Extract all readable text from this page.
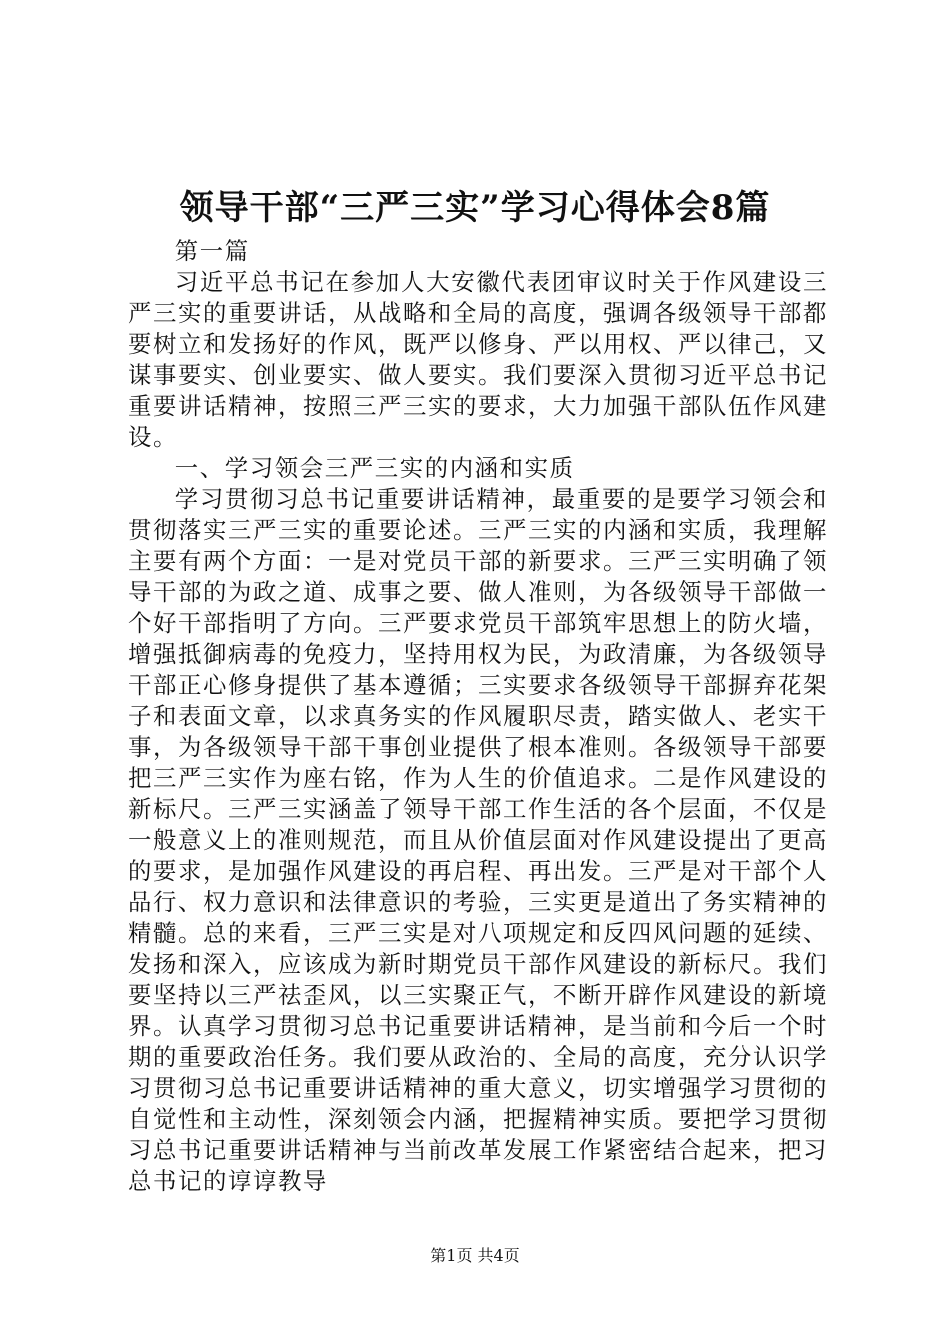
领导干部“三严三实”学习心得体会8篇

第一篇

习近平总书记在参加人大安徽代表团审议时关于作风建设三严三实的重要讲话，从战略和全局的高度，强调各级领导干部都要树立和发扬好的作风，既严以修身、严以用权、严以律己，又谋事要实、创业要实、做人要实。我们要深入贯彻习近平总书记重要讲话精神，按照三严三实的要求，大力加强干部队伍作风建设。

一、学习领会三严三实的内涵和实质

学习贯彻习总书记重要讲话精神，最重要的是要学习领会和贯彻落实三严三实的重要论述。三严三实的内涵和实质，我理解主要有两个方面：一是对党员干部的新要求。三严三实明确了领导干部的为政之道、成事之要、做人准则，为各级领导干部做一个好干部指明了方向。三严要求党员干部筑牢思想上的防火墙，增强抵御病毒的免疫力，坚持用权为民，为政清廉，为各级领导干部正心修身提供了基本遵循；三实要求各级领导干部摒弃花架子和表面文章，以求真务实的作风履职尽责，踏实做人、老实干事，为各级领导干部干事创业提供了根本准则。各级领导干部要把三严三实作为座右铭，作为人生的价值追求。二是作风建设的新标尺。三严三实涵盖了领导干部工作生活的各个层面，不仅是一般意义上的准则规范，而且从价值层面对作风建设提出了更高的要求，是加强作风建设的再启程、再出发。三严是对干部个人品行、权力意识和法律意识的考验，三实更是道出了务实精神的精髓。总的来看，三严三实是对八项规定和反四风问题的延续、发扬和深入，应该成为新时期党员干部作风建设的新标尺。我们要坚持以三严祛歪风，以三实聚正气，不断开辟作风建设的新境界。认真学习贯彻习总书记重要讲话精神，是当前和今后一个时期的重要政治任务。我们要从政治的、全局的高度，充分认识学习贯彻习总书记重要讲话精神的重大意义，切实增强学习贯彻的自觉性和主动性，深刻领会内涵，把握精神实质。要把学习贯彻习总书记重要讲话精神与当前改革发展工作紧密结合起来，把习总书记的谆谆教导

第1页 共4页
